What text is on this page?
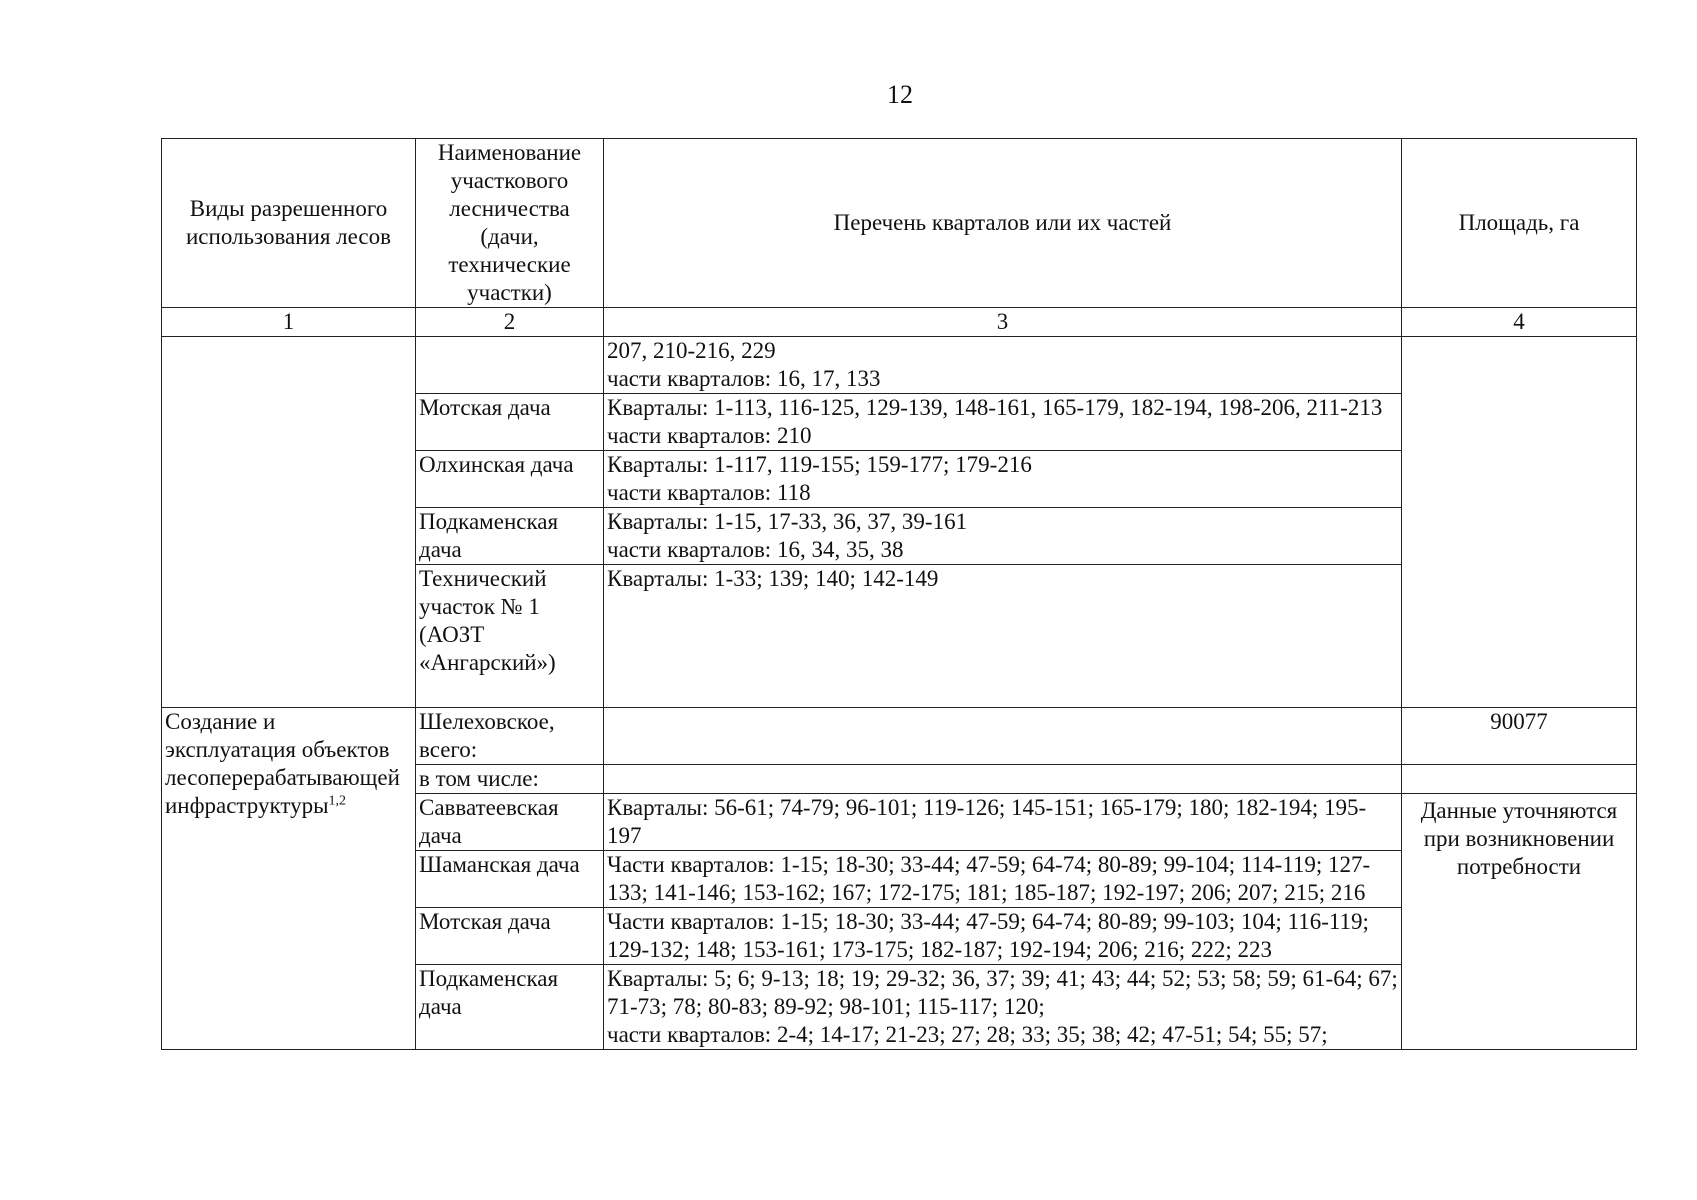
12
Виды разрешенного использования лесов	Наименование участкового лесничества (дачи, технические участки)	Перечень кварталов или их частей	Площадь, га
1	2	3	4

		207, 210-216, 229
части кварталов: 16, 17, 133	

	Мотская дача	Кварталы: 1-113, 116-125, 129-139, 148-161, 165-179, 182-194, 198-206, 211-213
части кварталов: 210	

	Олхинская дача	Кварталы: 1-117, 119-155; 159-177; 179-216
части кварталов: 118	

	Подкаменская дача	Кварталы: 1-15, 17-33, 36, 37, 39-161
части кварталов: 16, 34, 35, 38	

	Технический участок № 1 (АОЗТ «Ангарский»)	Кварталы: 1-33; 139; 140; 142-149	

Создание и эксплуатация объектов лесоперерабатывающей инфраструктуры$^{1,2}$	Шелеховское, всего:		90077
	в том числе:		
	Савватеевская дача	Кварталы: 56-61; 74-79; 96-101; 119-126; 145-151; 165-179; 180; 182-194; 195-197	Данные уточняются при возникновении потребности
	Шаманская дача	Части кварталов: 1-15; 18-30; 33-44; 47-59; 64-74; 80-89; 99-104; 114-119; 127-133; 141-146; 153-162; 167; 172-175; 181; 185-187; 192-197; 206; 207; 215; 216	

	Мотская дача	Части кварталов: 1-15; 18-30; 33-44; 47-59; 64-74; 80-89; 99-103; 104; 116-119; 129-132; 148; 153-161; 173-175; 182-187; 192-194; 206; 216; 222; 223	

	Подкаменская дача	Кварталы: 5; 6; 9-13; 18; 19; 29-32; 36, 37; 39; 41; 43; 44; 52; 53; 58; 59; 61-64; 67; 71-73; 78; 80-83; 89-92; 98-101; 115-117; 120;
части кварталов: 2-4; 14-17; 21-23; 27; 28; 33; 35; 38; 42; 47-51; 54; 55; 57;	
